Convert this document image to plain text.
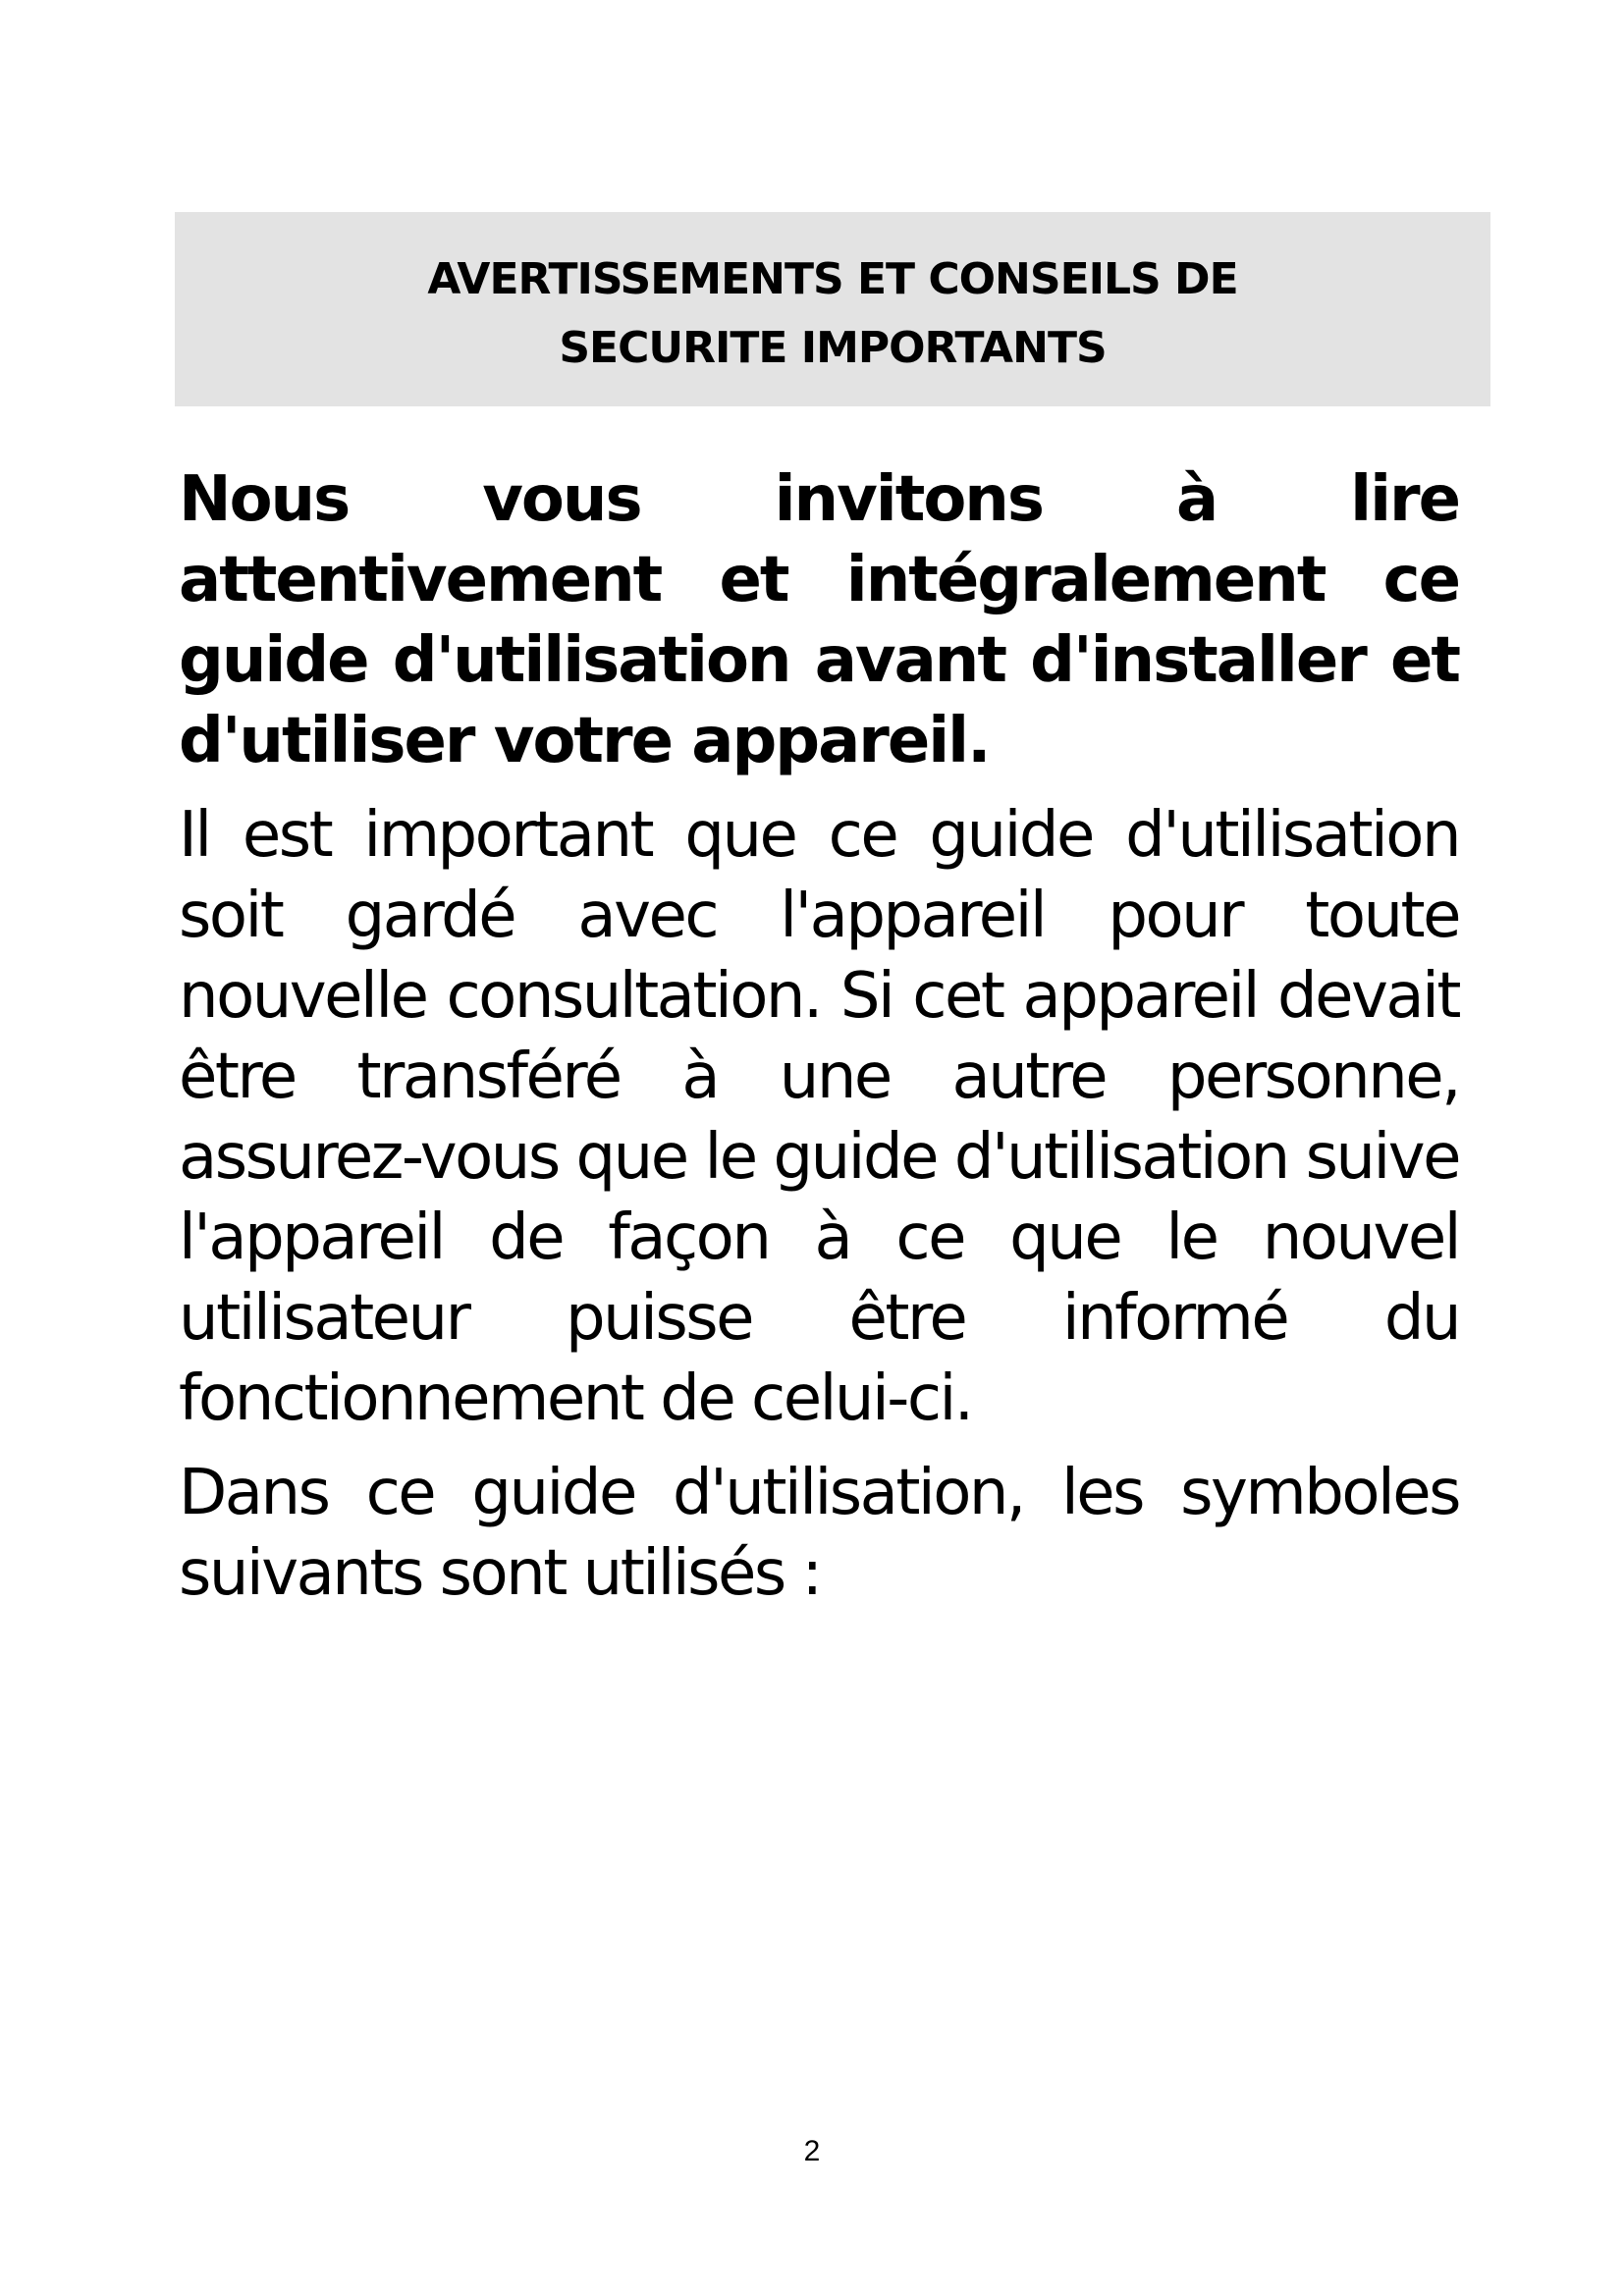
AVERTISSEMENTS ET CONSEILS DE
SECURITE IMPORTANTS

Nous vous invitons à lire attentivement et intégralement ce guide d'utilisation avant d'installer et d'utiliser votre appareil.

Il est important que ce guide d'utilisation soit gardé avec l'appareil pour toute nouvelle consultation. Si cet appareil devait être transféré à une autre personne, assurez-vous que le guide d'utilisation suive l'appareil de façon à ce que le nouvel utilisateur puisse être informé du fonctionnement de celui-ci.

Dans ce guide d'utilisation, les symboles suivants sont utilisés :

2
